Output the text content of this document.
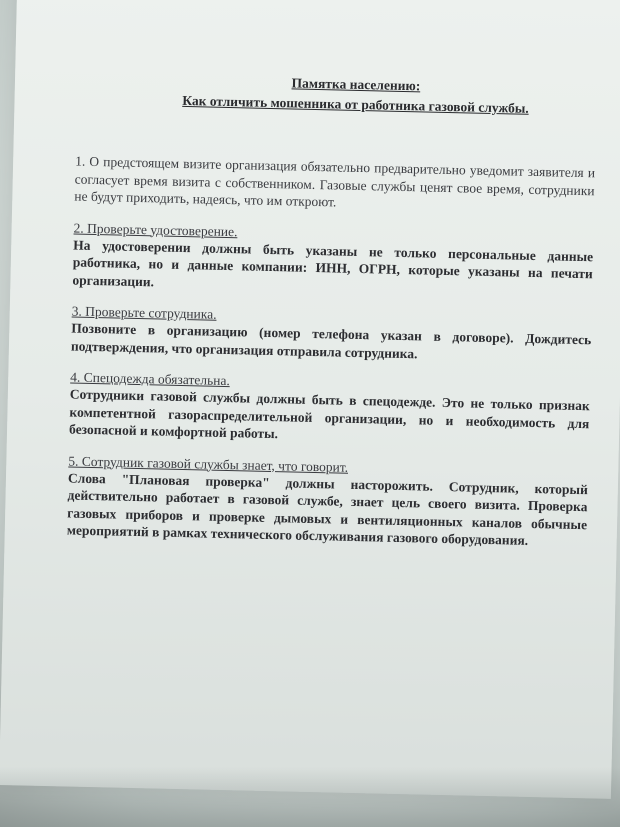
Памятка населению:
Как отличить мошенника от работника газовой службы.

1. О предстоящем визите организация обязательно предварительно уведомит заявителя и согласует время визита с собственником. Газовые службы ценят свое время, сотрудники не будут приходить, надеясь, что им откроют.

2. Проверьте удостоверение.

На удостоверении должны быть указаны не только персональные данные работника, но и данные компании: ИНН, ОГРН, которые указаны на печати организации.

3. Проверьте сотрудника.

Позвоните в организацию (номер телефона указан в договоре). Дождитесь подтверждения, что организация отправила сотрудника.

4. Спецодежда обязательна.

Сотрудники газовой службы должны быть в спецодежде. Это не только признак компетентной газораспределительной организации, но и необходимость для безопасной и комфортной работы.

5. Сотрудник газовой службы знает, что говорит.

Слова "Плановая проверка" должны насторожить. Сотрудник, который действительно работает в газовой службе, знает цель своего визита. Проверка газовых приборов и проверке дымовых и вентиляционных каналов обычные мероприятий в рамках технического обслуживания газового оборудования.
